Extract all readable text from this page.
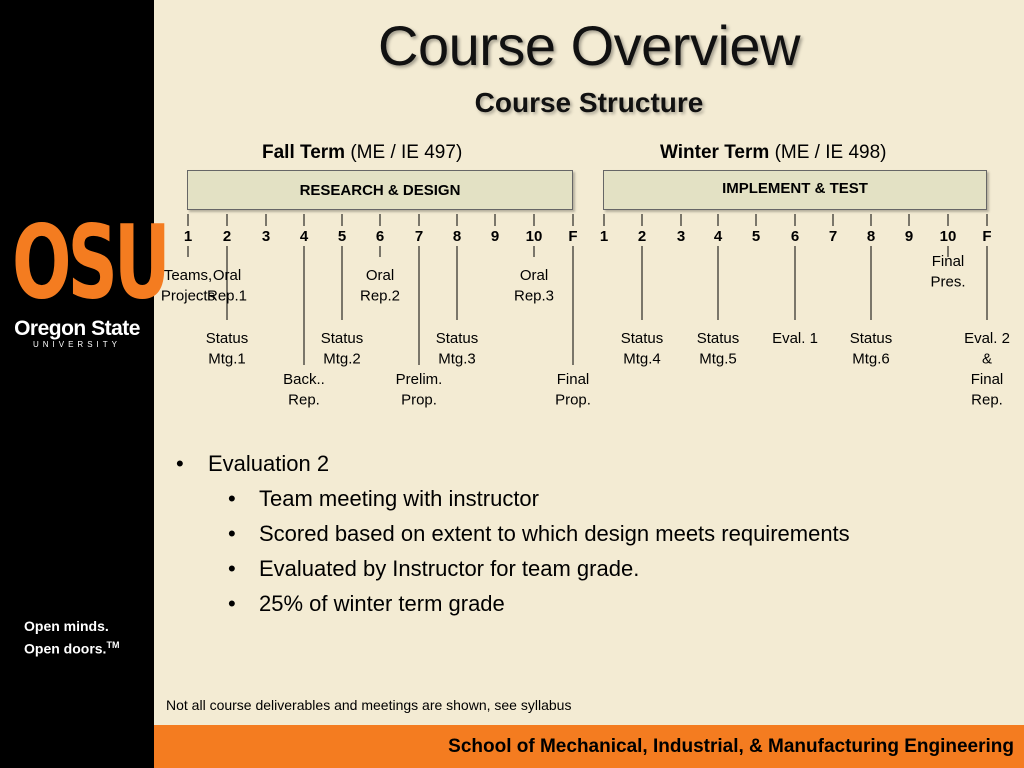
OSU
Oregon State
UNIVERSITY
Open minds.
Open doors.™
Course Overview
Course Structure
Fall Term (ME / IE 497)	Winter Term (ME / IE 498)
RESEARCH & DESIGN	IMPLEMENT & TEST
1 2 3 4 5 6 7 8 9 10 F 1 2 3 4 5 6 7 8 9 10 F
Teams, Projects
Oral Rep.1
Status Mtg.1
Back.. Rep.
Status Mtg.2
Oral Rep.2
Prelim. Prop.
Status Mtg.3
Oral Rep.3
Final Prop.
Status Mtg.4
Status Mtg.5
Eval. 1 Status Mtg.6
Final Pres.
Eval. 2 & Final Rep.
• Evaluation 2
• Team meeting with instructor
• Scored based on extent to which design meets requirements
• Evaluated by Instructor for team grade.
• 25% of winter term grade
Not all course deliverables and meetings are shown, see syllabus
School of Mechanical, Industrial, & Manufacturing Engineering
